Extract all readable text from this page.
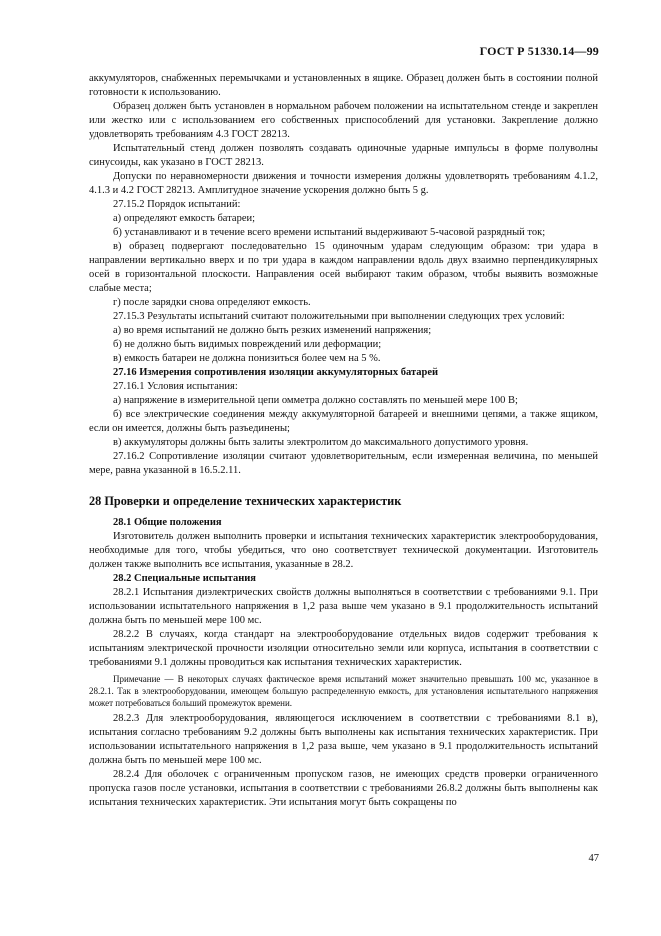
ГОСТ Р 51330.14—99

аккумуляторов, снабженных перемычками и установленных в ящике. Образец должен быть в состоянии полной готовности к использованию.

Образец должен быть установлен в нормальном рабочем положении на испытательном стенде и закреплен или жестко или с использованием его собственных приспособлений для установки. Закрепление должно удовлетворять требованиям 4.3 ГОСТ 28213.

Испытательный стенд должен позволять создавать одиночные ударные импульсы в форме полуволны синусоиды, как указано в ГОСТ 28213.

Допуски по неравномерности движения и точности измерения должны удовлетворять требованиям 4.1.2, 4.1.3 и 4.2 ГОСТ 28213. Амплитудное значение ускорения должно быть 5 g.

27.15.2 Порядок испытаний:

а) определяют емкость батареи;

б) устанавливают и в течение всего времени испытаний выдерживают 5-часовой разрядный ток;

в) образец подвергают последовательно 15 одиночным ударам следующим образом: три удара в направлении вертикально вверх и по три удара в каждом направлении вдоль двух взаимно перпендикулярных осей в горизонтальной плоскости. Направления осей выбирают таким образом, чтобы выявить возможные слабые места;

г) после зарядки снова определяют емкость.

27.15.3 Результаты испытаний считают положительными при выполнении следующих трех условий:

а) во время испытаний не должно быть резких изменений напряжения;

б) не должно быть видимых повреждений или деформации;

в) емкость батареи не должна понизиться более чем на 5 %.

27.16 Измерения сопротивления изоляции аккумуляторных батарей

27.16.1 Условия испытания:

а) напряжение в измерительной цепи омметра должно составлять по меньшей мере 100 В;

б) все электрические соединения между аккумуляторной батареей и внешними цепями, а также ящиком, если он имеется, должны быть разъединены;

в) аккумуляторы должны быть залиты электролитом до максимального допустимого уровня.

27.16.2 Сопротивление изоляции считают удовлетворительным, если измеренная величина, по меньшей мере, равна указанной в 16.5.2.11.

28 Проверки и определение технических характеристик

28.1 Общие положения

Изготовитель должен выполнить проверки и испытания технических характеристик электрооборудования, необходимые для того, чтобы убедиться, что оно соответствует технической документации. Изготовитель должен также выполнить все испытания, указанные в 28.2.

28.2 Специальные испытания

28.2.1 Испытания диэлектрических свойств должны выполняться в соответствии с требованиями 9.1. При использовании испытательного напряжения в 1,2 раза выше чем указано в 9.1 продолжительность испытаний должна быть по меньшей мере 100 мс.

28.2.2 В случаях, когда стандарт на электрооборудование отдельных видов содержит требования к испытаниям электрической прочности изоляции относительно земли или корпуса, испытания в соответствии с требованиями 9.1 должны проводиться как испытания технических характеристик.

Примечание — В некоторых случаях фактическое время испытаний может значительно превышать 100 мс, указанное в 28.2.1. Так в электрооборудовании, имеющем большую распределенную емкость, для установления испытательного напряжения может потребоваться больший промежуток времени.

28.2.3 Для электрооборудования, являющегося исключением в соответствии с требованиями 8.1 в), испытания согласно требованиям 9.2 должны быть выполнены как испытания технических характеристик. При использовании испытательного напряжения в 1,2 раза выше, чем указано в 9.1 продолжительность испытаний должна быть по меньшей мере 100 мс.

28.2.4 Для оболочек с ограниченным пропуском газов, не имеющих средств проверки ограниченного пропуска газов после установки, испытания в соответствии с требованиями 26.8.2 должны быть выполнены как испытания технических характеристик. Эти испытания могут быть сокращены по

47
